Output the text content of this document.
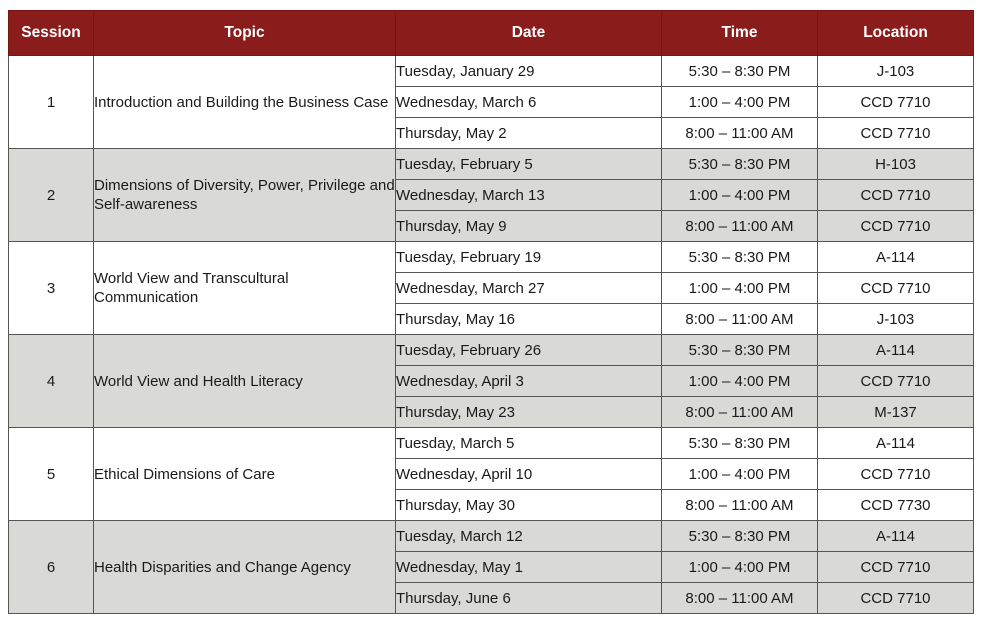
Session	Topic	Date	Time	Location
1	Introduction and Building the Business Case	Tuesday, January 29	5:30 – 8:30 PM	J-103
		Wednesday, March 6	1:00 – 4:00 PM	CCD 7710
		Thursday, May 2	8:00 – 11:00 AM	CCD 7710
2	Dimensions of Diversity, Power, Privilege and Self-awareness	Tuesday, February 5	5:30 – 8:30 PM	H-103
		Wednesday, March 13	1:00 – 4:00 PM	CCD 7710
		Thursday, May 9	8:00 – 11:00 AM	CCD 7710
3	World View and Transcultural Communication	Tuesday, February 19	5:30 – 8:30 PM	A-114
		Wednesday, March 27	1:00 – 4:00 PM	CCD 7710
		Thursday, May 16	8:00 – 11:00 AM	J-103
4	World View and Health Literacy	Tuesday, February 26	5:30 – 8:30 PM	A-114
		Wednesday, April 3	1:00 – 4:00 PM	CCD 7710
		Thursday, May 23	8:00 – 11:00 AM	M-137
5	Ethical Dimensions of Care	Tuesday, March 5	5:30 – 8:30 PM	A-114
		Wednesday, April 10	1:00 – 4:00 PM	CCD 7710
		Thursday, May 30	8:00 – 11:00 AM	CCD 7730
6	Health Disparities and Change Agency	Tuesday, March 12	5:30 – 8:30 PM	A-114
		Wednesday, May 1	1:00 – 4:00 PM	CCD 7710
		Thursday, June 6	8:00 – 11:00 AM	CCD 7710
